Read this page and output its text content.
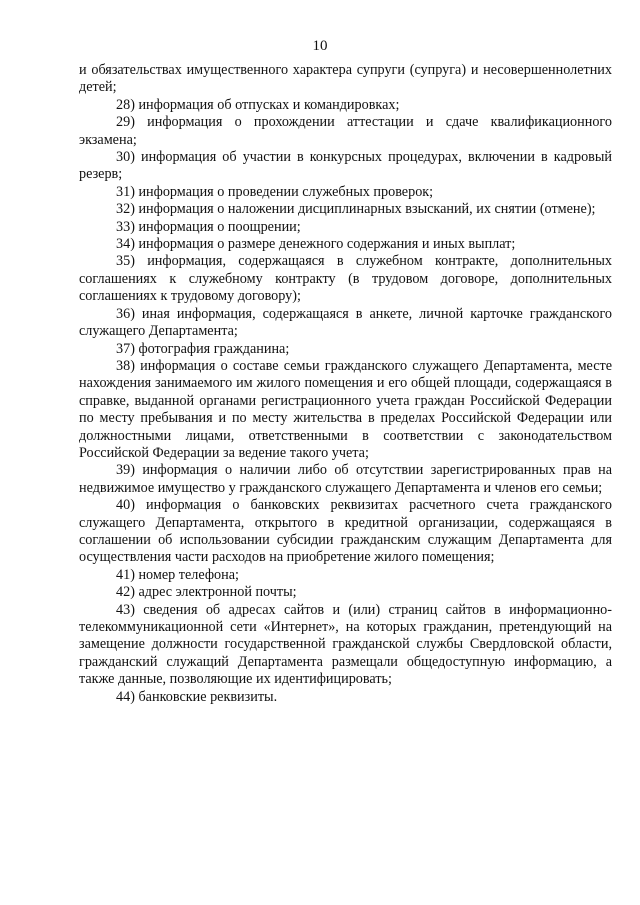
10

и обязательствах имущественного характера супруги (супруга) и несовершеннолетних детей;

28) информация об отпусках и командировках;

29) информация о прохождении аттестации и сдаче квалификационного экзамена;

30) информация об участии в конкурсных процедурах, включении в кадровый резерв;

31) информация о проведении служебных проверок;

32) информация о наложении дисциплинарных взысканий, их снятии (отмене);

33) информация о поощрении;

34) информация о размере денежного содержания и иных выплат;

35) информация, содержащаяся в служебном контракте, дополнительных соглашениях к служебному контракту (в трудовом договоре, дополнительных соглашениях к трудовому договору);

36) иная информация, содержащаяся в анкете, личной карточке гражданского служащего Департамента;

37) фотография гражданина;

38) информация о составе семьи гражданского служащего Департамента, месте нахождения занимаемого им жилого помещения и его общей площади, содержащаяся в справке, выданной органами регистрационного учета граждан Российской Федерации по месту пребывания и по месту жительства в пределах Российской Федерации или должностными лицами, ответственными в соответствии с законодательством Российской Федерации за ведение такого учета;

39) информация о наличии либо об отсутствии зарегистрированных прав на недвижимое имущество у гражданского служащего Департамента и членов его семьи;

40) информация о банковских реквизитах расчетного счета гражданского служащего Департамента, открытого в кредитной организации, содержащаяся в соглашении об использовании субсидии гражданским служащим Департамента для осуществления части расходов на приобретение жилого помещения;

41) номер телефона;

42) адрес электронной почты;

43) сведения об адресах сайтов и (или) страниц сайтов в информационно-телекоммуникационной сети «Интернет», на которых гражданин, претендующий на замещение должности государственной гражданской службы Свердловской области, гражданский служащий Департамента размещали общедоступную информацию, а также данные, позволяющие их идентифицировать;

44) банковские реквизиты.
